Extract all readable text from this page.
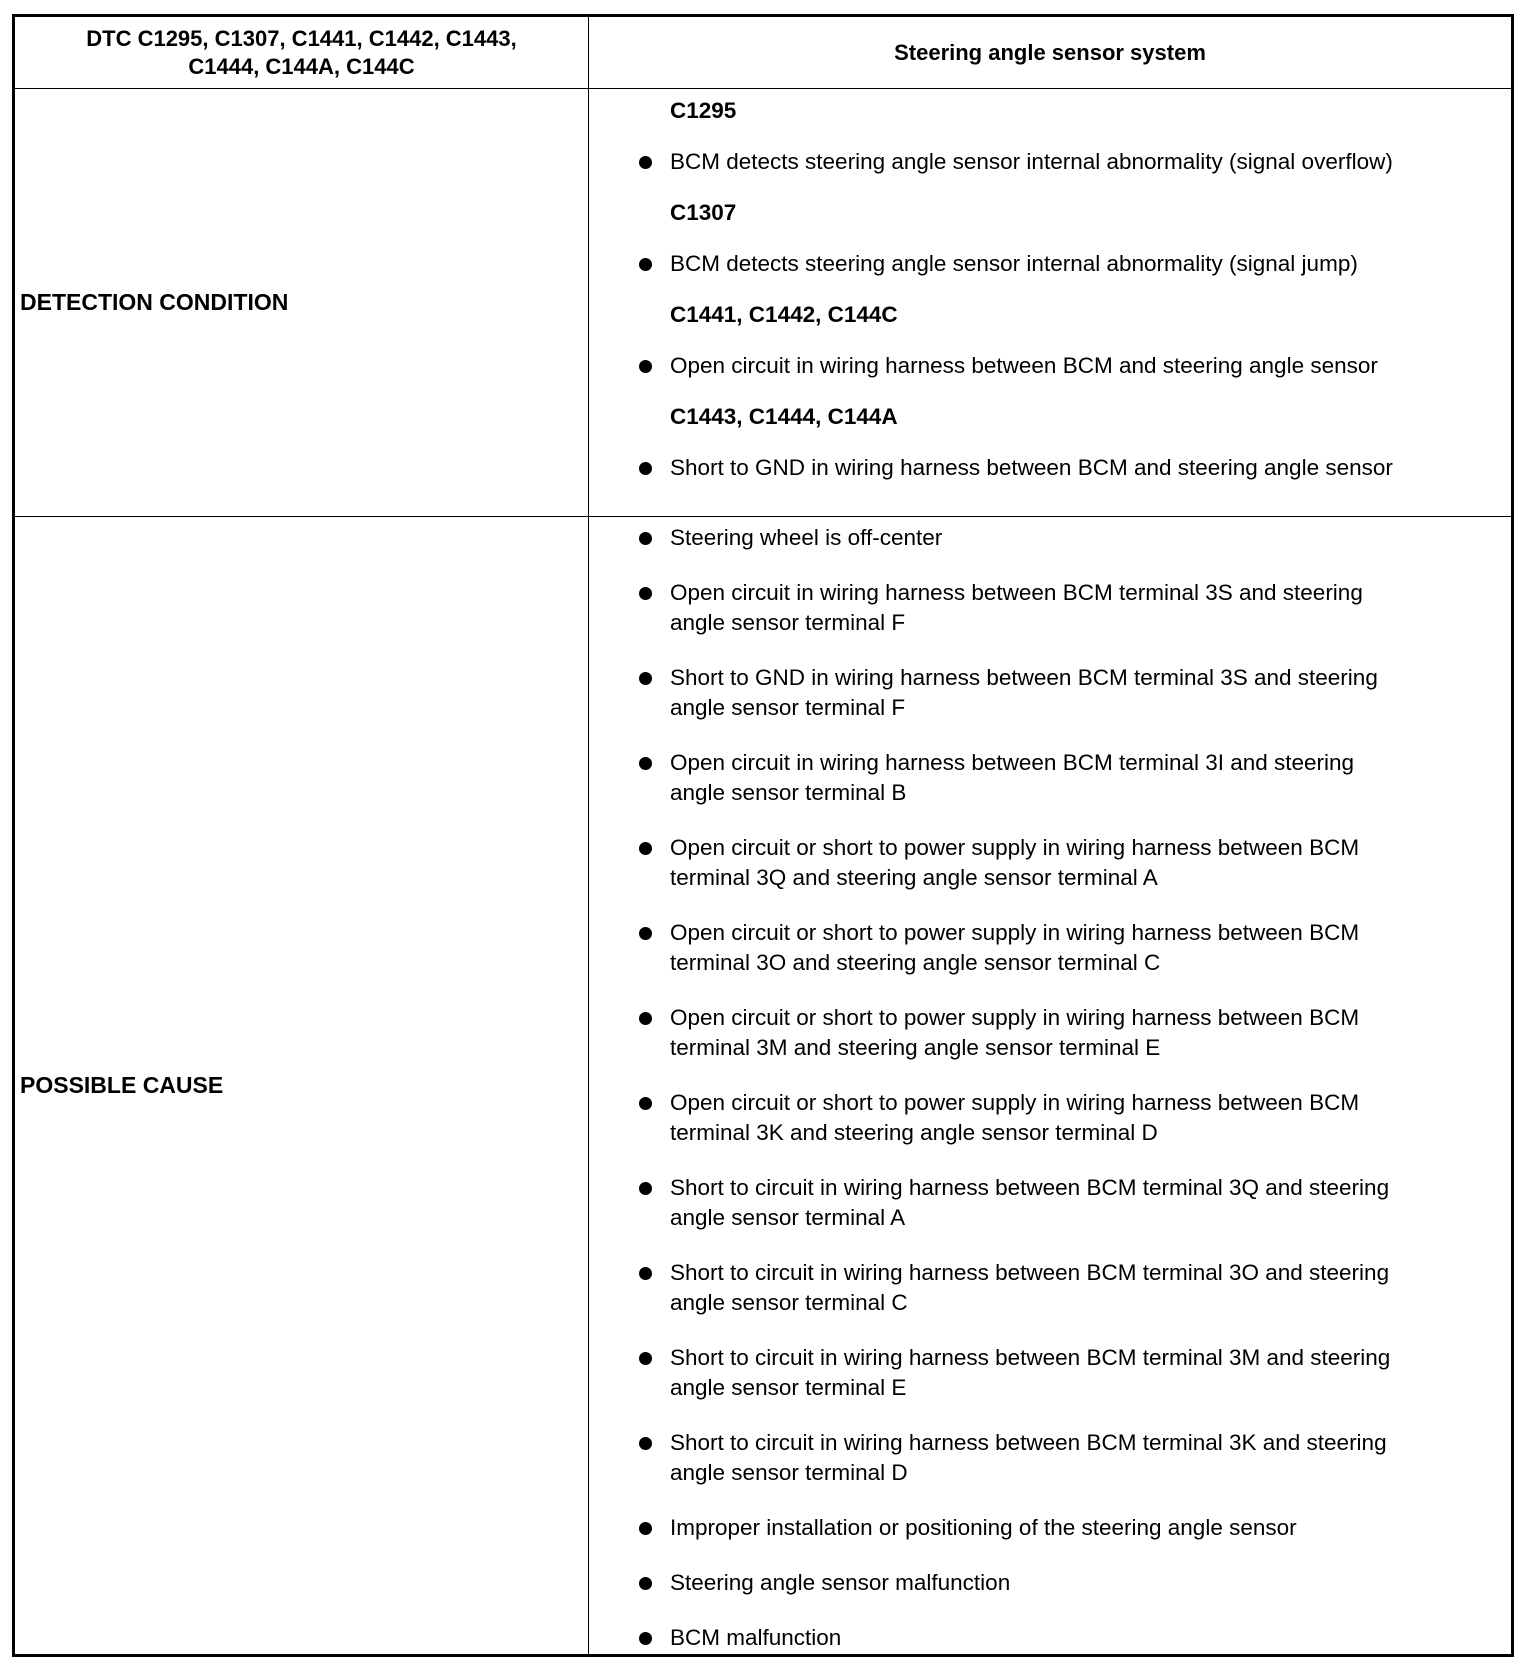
DTC C1295, C1307, C1441, C1442, C1443,
C1444, C144A, C144C
Steering angle sensor system
DETECTION CONDITION
C1295
BCM detects steering angle sensor internal abnormality (signal overflow)
C1307
BCM detects steering angle sensor internal abnormality (signal jump)
C1441, C1442, C144C
Open circuit in wiring harness between BCM and steering angle sensor
C1443, C1444, C144A
Short to GND in wiring harness between BCM and steering angle sensor
POSSIBLE CAUSE
Steering wheel is off-center
Open circuit in wiring harness between BCM terminal 3S and steering
angle sensor terminal F
Short to GND in wiring harness between BCM terminal 3S and steering
angle sensor terminal F
Open circuit in wiring harness between BCM terminal 3I and steering
angle sensor terminal B
Open circuit or short to power supply in wiring harness between BCM
terminal 3Q and steering angle sensor terminal A
Open circuit or short to power supply in wiring harness between BCM
terminal 3O and steering angle sensor terminal C
Open circuit or short to power supply in wiring harness between BCM
terminal 3M and steering angle sensor terminal E
Open circuit or short to power supply in wiring harness between BCM
terminal 3K and steering angle sensor terminal D
Short to circuit in wiring harness between BCM terminal 3Q and steering
angle sensor terminal A
Short to circuit in wiring harness between BCM terminal 3O and steering
angle sensor terminal C
Short to circuit in wiring harness between BCM terminal 3M and steering
angle sensor terminal E
Short to circuit in wiring harness between BCM terminal 3K and steering
angle sensor terminal D
Improper installation or positioning of the steering angle sensor
Steering angle sensor malfunction
BCM malfunction
